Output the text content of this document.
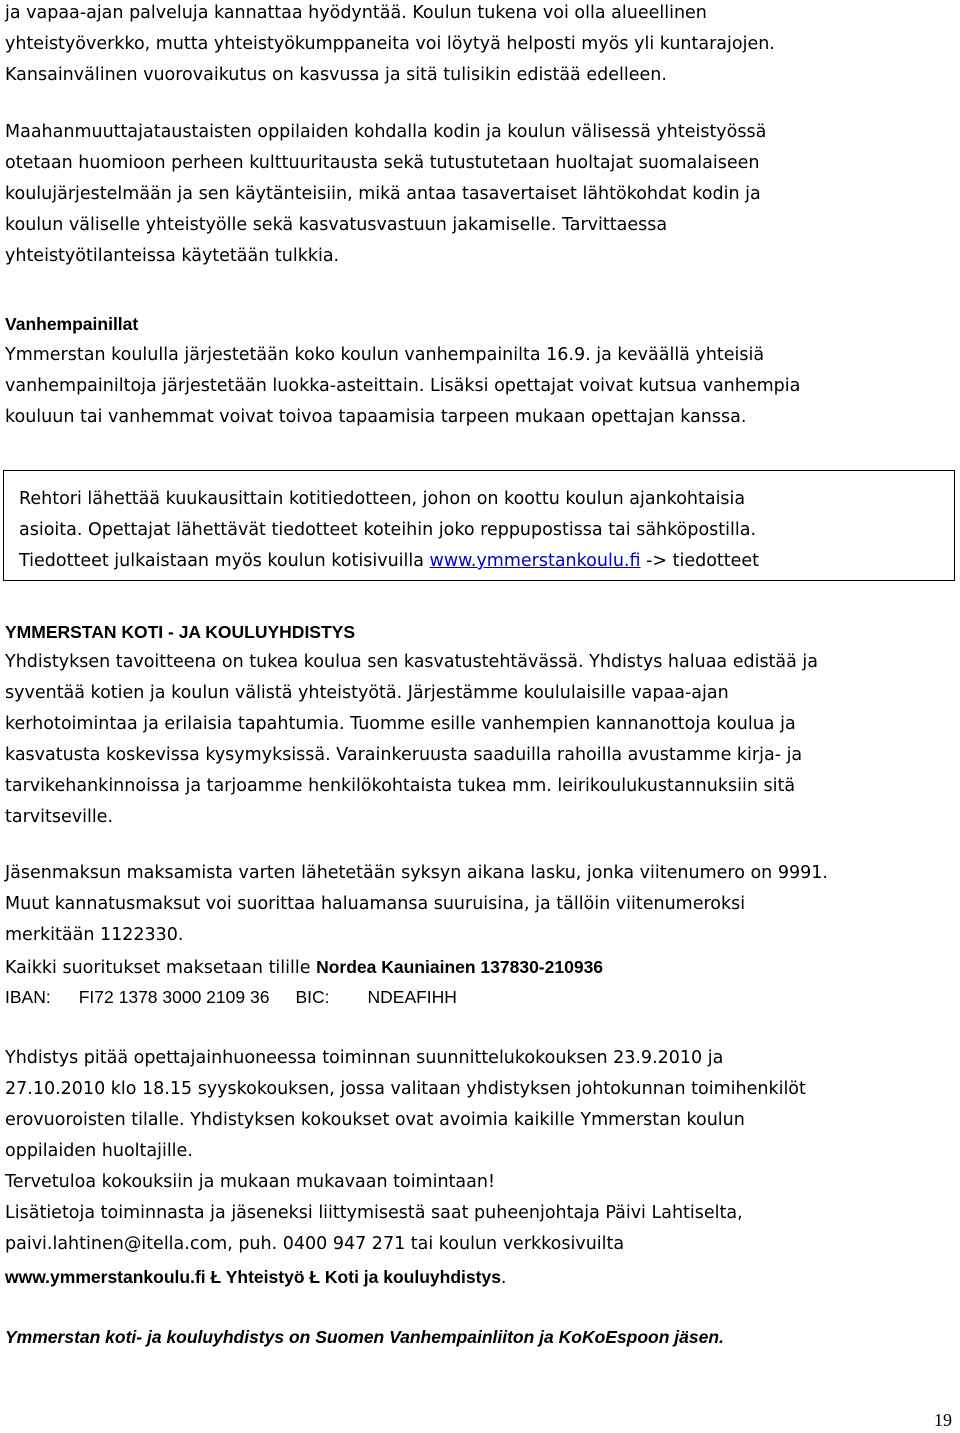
ja vapaa-ajan palveluja kannattaa hyödyntää. Koulun tukena voi olla alueellinen
yhteistyöverkko, mutta yhteistyökumppaneita voi löytyä helposti myös yli kuntarajojen.
Kansainvälinen vuorovaikutus on kasvussa ja sitä tulisikin edistää edelleen.

Maahanmuuttajataustaisten oppilaiden kohdalla kodin ja koulun välisessä yhteistyössä
otetaan huomioon perheen kulttuuritausta sekä tutustutetaan huoltajat suomalaiseen
koulujärjestelmään ja sen käytänteisiin, mikä antaa tasavertaiset lähtökohdat kodin ja
koulun väliselle yhteistyölle sekä kasvatusvastuun jakamiselle. Tarvittaessa
yhteistyötilanteissa käytetään tulkkia.

Vanhempainillat

Ymmerstan koululla järjestetään koko koulun vanhempainilta 16.9. ja keväällä yhteisiä
vanhempainiltoja järjestetään luokka-asteittain. Lisäksi opettajat voivat kutsua vanhempia
kouluun tai vanhemmat voivat toivoa tapaamisia tarpeen mukaan opettajan kanssa.

Rehtori lähettää kuukausittain kotitiedotteen, johon on koottu koulun ajankohtaisia
asioita. Opettajat lähettävät tiedotteet koteihin joko reppupostissa tai sähköpostilla.
Tiedotteet julkaistaan myös koulun kotisivuilla www.ymmerstankoulu.fi -> tiedotteet

YMMERSTAN KOTI - JA KOULUYHDISTYS

Yhdistyksen tavoitteena on tukea koulua sen kasvatustehtävässä. Yhdistys haluaa edistää ja
syventää kotien ja koulun välistä yhteistyötä. Järjestämme koululaisille vapaa-ajan
kerhotoimintaa ja erilaisia tapahtumia. Tuomme esille vanhempien kannanottoja koulua ja
kasvatusta koskevissa kysymyksissä. Varainkeruusta saaduilla rahoilla avustamme kirja- ja
tarvikehankinnoissa ja tarjoamme henkilökohtaista tukea mm. leirikoulukustannuksiin sitä
tarvitseville.

Jäsenmaksun maksamista varten lähetetään syksyn aikana lasku, jonka viitenumero on 9991.
Muut kannatusmaksut voi suorittaa haluamansa suuruisina, ja tällöin viitenumeroksi
merkitään 1122330.

Kaikki suoritukset maksetaan tilille Nordea Kauniainen 137830-210936

IBAN: FI72 1378 3000 2109 36 BIC: NDEAFIHH

Yhdistys pitää opettajainhuoneessa toiminnan suunnittelukokouksen 23.9.2010 ja
27.10.2010 klo 18.15 syyskokouksen, jossa valitaan yhdistyksen johtokunnan toimihenkilöt
erovuoroisten tilalle. Yhdistyksen kokoukset ovat avoimia kaikille Ymmerstan koulun
oppilaiden huoltajille.
Tervetuloa kokouksiin ja mukaan mukavaan toimintaan!
Lisätietoja toiminnasta ja jäseneksi liittymisestä saat puheenjohtaja Päivi Lahtiselta,
paivi.lahtinen@itella.com, puh. 0400 947 271 tai koulun verkkosivuilta

www.ymmerstankoulu.fi Ł Yhteistyö Ł Koti ja kouluyhdistys.

Ymmerstan koti- ja kouluyhdistys on Suomen Vanhempainliiton ja KoKoEspoon jäsen.

19
